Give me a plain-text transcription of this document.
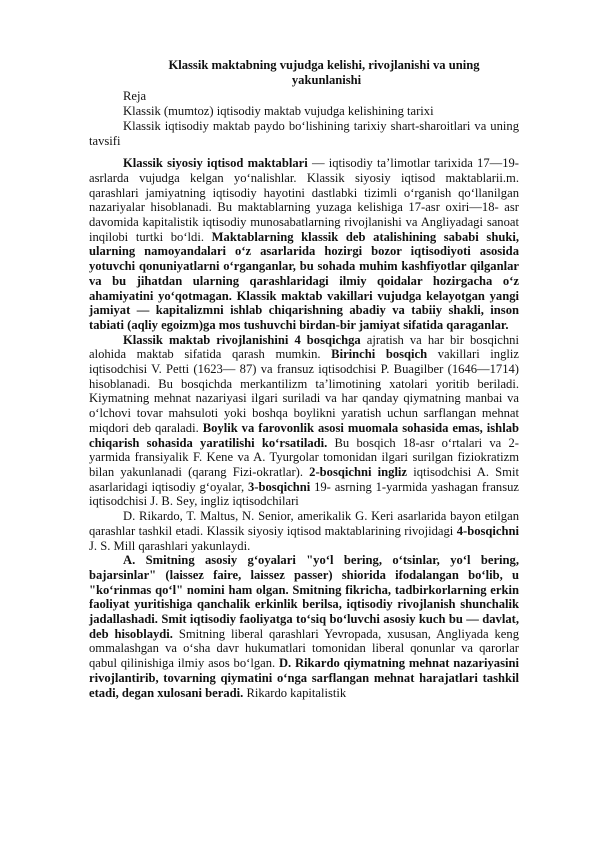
Klassik maktabning vujudga kelishi, rivojlanishi va uning
yakunlanishi

Reja

Klassik (mumtoz) iqtisodiy maktab vujudga kelishining tarixi

Klassik iqtisodiy maktab paydo bo‘lishining tarixiy shart-sharoitlari va uning tavsifi

Klassik siyosiy iqtisod maktablari — iqtisodiy ta’limotlar tarixida 17—19- asrlarda vujudga kelgan yo‘nalishlar. Klassik siyosiy iqtisod maktablarii.m. qarashlari jamiyatning iqtisodiy hayotini dastlabki tizimli o‘rganish qo‘llanilgan nazariyalar hisoblanadi. Bu maktablarning yuzaga kelishiga 17-asr oxiri—18- asr davomida kapitalistik iqtisodiy munosabatlarning rivojlanishi va Angliyadagi sanoat inqilobi turtki bo‘ldi. Maktablarning klassik deb atalishining sababi shuki, ularning namoyandalari o‘z asarlarida hozirgi bozor iqtisodiyoti asosida yotuvchi qonuniyatlarni o‘rganganlar, bu sohada muhim kashfiyotlar qilganlar va bu jihatdan ularning qarashlaridagi ilmiy qoidalar hozirgacha o‘z ahamiyatini yo‘qotmagan. Klassik maktab vakillari vujudga kelayotgan yangi jamiyat — kapitalizmni ishlab chiqarishning abadiy va tabiiy shakli, inson tabiati (aqliy egoizm)ga mos tushuvchi birdan-bir jamiyat sifatida qaraganlar.

Klassik maktab rivojlanishini 4 bosqichga ajratish va har bir bosqichni alohida maktab sifatida qarash mumkin. Birinchi bosqich vakillari ingliz iqtisodchisi V. Petti (1623— 87) va fransuz iqtisodchisi P. Buagilber (1646—1714) hisoblanadi. Bu bosqichda merkantilizm ta’limotining xatolari yoritib beriladi. Kiymatning mehnat nazariyasi ilgari suriladi va har qanday qiymatning manbai va o‘lchovi tovar mahsuloti yoki boshqa boylikni yaratish uchun sarflangan mehnat miqdori deb qaraladi. Boylik va farovonlik asosi muomala sohasida emas, ishlab chiqarish sohasida yaratilishi ko‘rsatiladi. Bu bosqich 18-asr o‘rtalari va 2-yarmida fransiyalik F. Kene va A. Tyurgolar tomonidan ilgari surilgan fiziokratizm bilan yakunlanadi (qarang Fizi-okratlar). 2-bosqichni ingliz iqtisodchisi A. Smit asarlaridagi iqtisodiy g‘oyalar, 3-bosqichni 19- asrning 1-yarmida yashagan fransuz iqtisodchisi J. B. Sey, ingliz iqtisodchilari

D. Rikardo, T. Maltus, N. Senior, amerikalik G. Keri asarlarida bayon etilgan qarashlar tashkil etadi. Klassik siyosiy iqtisod maktablarining rivojidagi 4-bosqichni J. S. Mill qarashlari yakunlaydi.

A. Smitning asosiy g‘oyalari "yo‘l bering, o‘tsinlar, yo‘l bering, bajarsinlar" (laissez faire, laissez passer) shiorida ifodalangan bo‘lib, u "ko‘rinmas qo‘l" nomini ham olgan. Smitning fikricha, tadbirkorlarning erkin faoliyat yuritishiga qanchalik erkinlik berilsa, iqtisodiy rivojlanish shunchalik jadallashadi. Smit iqtisodiy faoliyatga to‘siq bo‘luvchi asosiy kuch bu — davlat, deb hisoblaydi. Smitning liberal qarashlari Yevropada, xususan, Angliyada keng ommalashgan va o‘sha davr hukumatlari tomonidan liberal qonunlar va qarorlar qabul qilinishiga ilmiy asos bo‘lgan. D. Rikardo qiymatning mehnat nazariyasini rivojlantirib, tovarning qiymatini o‘nga sarflangan mehnat harajatlari tashkil etadi, degan xulosani beradi. Rikardo kapitalistik
